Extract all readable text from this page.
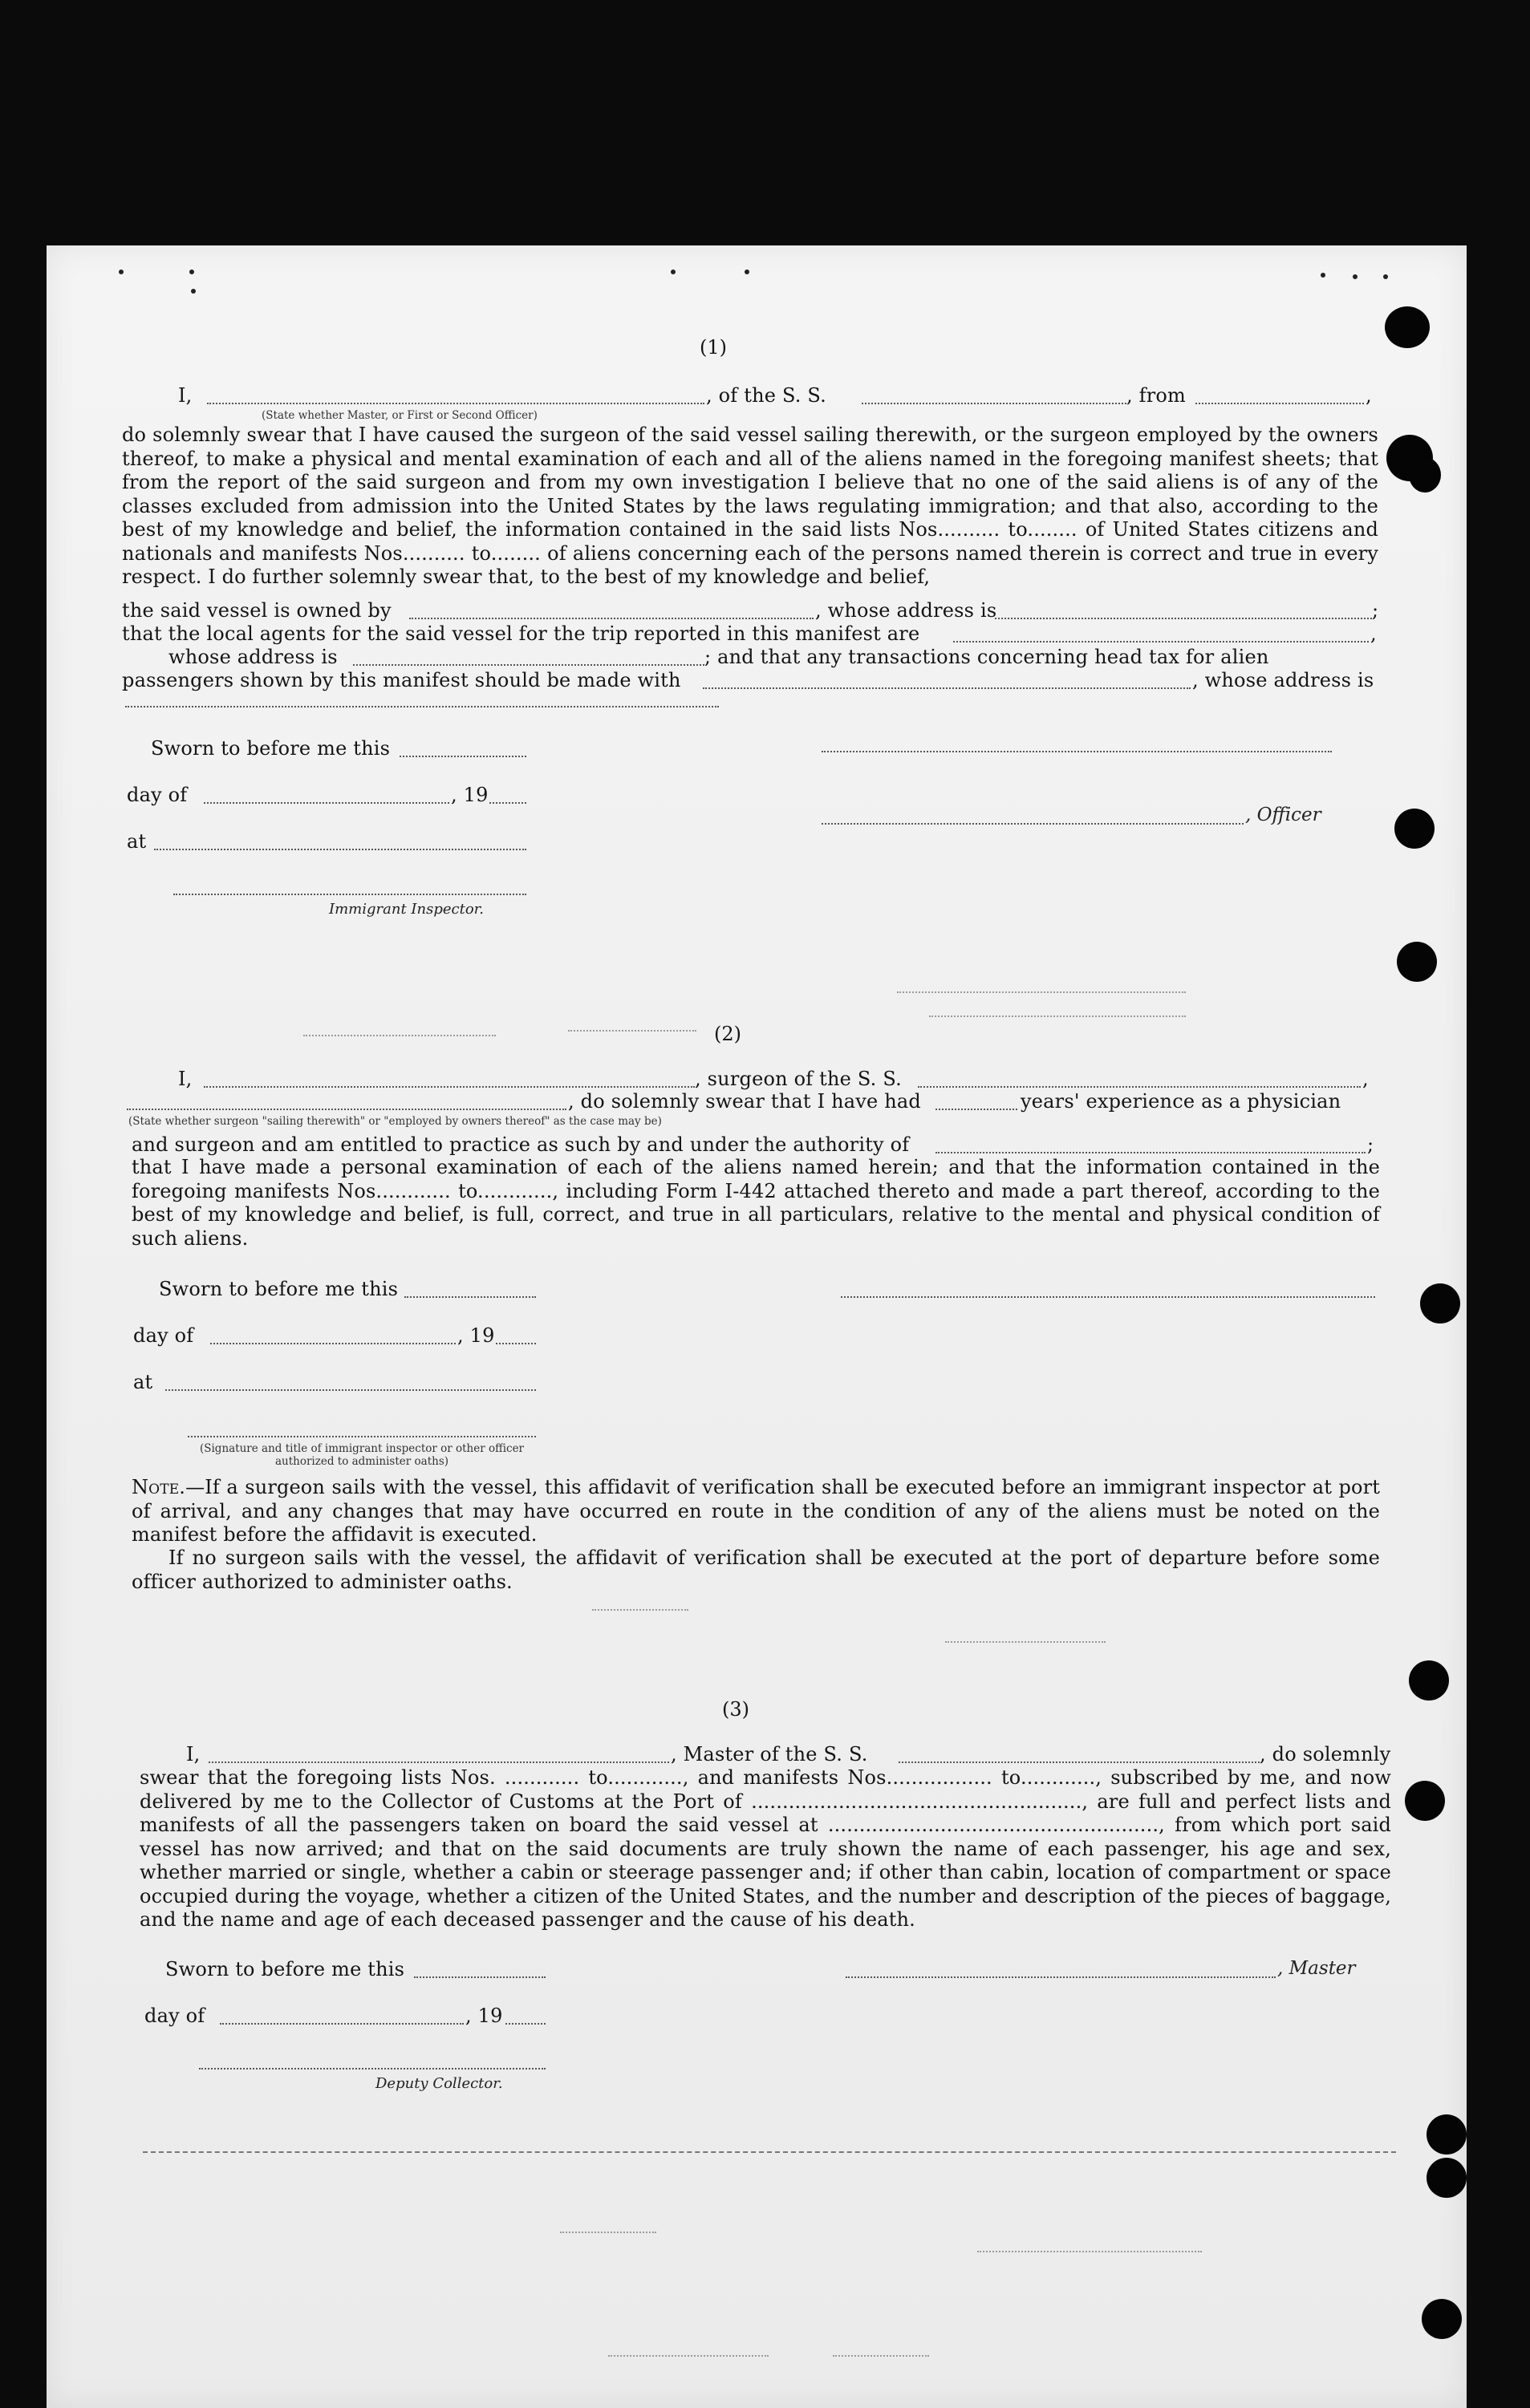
(1)
I,	, of the S. S.	, from	,
(State whether Master, or First or Second Officer)
do solemnly swear that I have caused the surgeon of the said vessel sailing therewith, or the surgeon employed by the owners thereof, to make a physical and mental examination of each and all of the aliens named in the foregoing manifest sheets; that from the report of the said surgeon and from my own investigation I believe that no one of the said aliens is of any of the classes excluded from admission into the United States by the laws regulating immigration; and that also, according to the best of my knowledge and belief, the information contained in the said lists Nos.......... to........ of United States citizens and nationals and manifests Nos.......... to........ of aliens concerning each of the persons named therein is correct and true in every respect. I do further solemnly swear that, to the best of my knowledge and belief,
the said vessel is owned by	, whose address is	;
that the local agents for the said vessel for the trip reported in this manifest are	,
whose address is	; and that any transactions concerning head tax for alien
passengers shown by this manifest should be made with	, whose address is
Sworn to before me this
day of	, 19
, Officer
at
Immigrant Inspector.
(2)
I,	, surgeon of the S. S.	,
, do solemnly swear that I have had	years' experience as a physician
(State whether surgeon "sailing therewith" or "employed by owners thereof" as the case may be)
and surgeon and am entitled to practice as such by and under the authority of	;
that I have made a personal examination of each of the aliens named herein; and that the information contained in the foregoing manifests Nos............ to............, including Form I-442 attached thereto and made a part thereof, according to the best of my knowledge and belief, is full, correct, and true in all particulars, relative to the mental and physical condition of such aliens.
Sworn to before me this
day of	, 19
at
(Signature and title of immigrant inspector or other officer authorized to administer oaths)
Note.—If a surgeon sails with the vessel, this affidavit of verification shall be executed before an immigrant inspector at port of arrival, and any changes that may have occurred en route in the condition of any of the aliens must be noted on the manifest before the affidavit is executed.
If no surgeon sails with the vessel, the affidavit of verification shall be executed at the port of departure before some officer authorized to administer oaths.
(3)
I,	, Master of the S. S.	, do solemnly
swear that the foregoing lists Nos. ............ to............, and manifests Nos................. to............, subscribed by me, and now delivered by me to the Collector of Customs at the Port of ....................................................., are full and perfect lists and manifests of all the passengers taken on board the said vessel at ....................................................., from which port said vessel has now arrived; and that on the said documents are truly shown the name of each passenger, his age and sex, whether married or single, whether a cabin or steerage passenger and; if other than cabin, location of compartment or space occupied during the voyage, whether a citizen of the United States, and the number and description of the pieces of baggage, and the name and age of each deceased passenger and the cause of his death.
Sworn to before me this	, Master
day of	, 19
Deputy Collector.
